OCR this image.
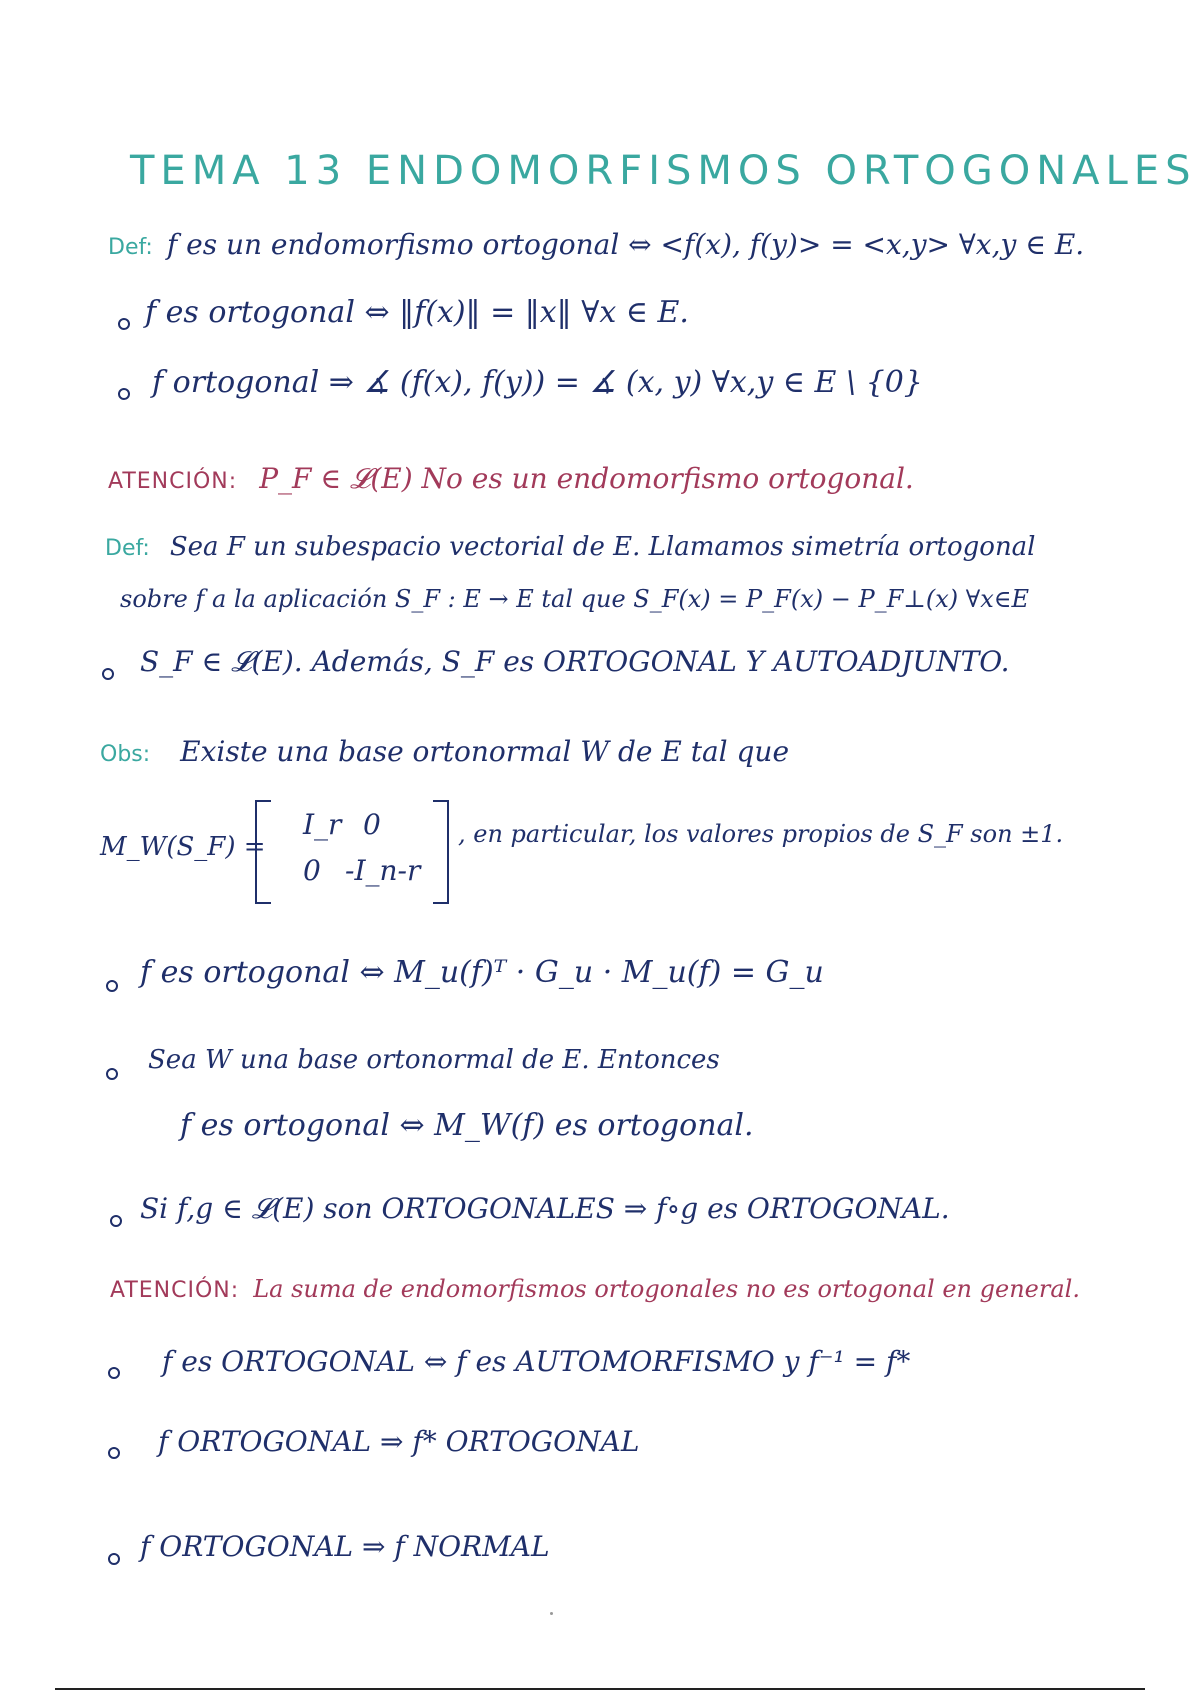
TEMA 13 ENDOMORFISMOS ORTOGONALES
Def: f es un endomorfismo ortogonal ⇔ <f(x), f(y)> = <x,y> ∀x,y ∈ E.
f es ortogonal ⇔ ‖f(x)‖ = ‖x‖ ∀x ∈ E.
f ortogonal ⇒ ∡ (f(x), f(y)) = ∡ (x, y) ∀x,y ∈ E \ {0}
ATENCIÓN: P_F ∈ 𝓛(E) No es un endomorfismo ortogonal.
Def: Sea F un subespacio vectorial de E. Llamamos simetría ortogonal
sobre f a la aplicación S_F : E → E tal que S_F(x) = P_F(x) − P_F⊥(x) ∀x∈E
S_F ∈ 𝓛(E). Además, S_F es ORTOGONAL Y AUTOADJUNTO.
Obs: Existe una base ortonormal W de E tal que
M_W(S_F) =
I_r 0
0 -I_n-r
, en particular, los valores propios de S_F son ±1.
f es ortogonal ⇔ M_u(f)ᵀ · G_u · M_u(f) = G_u
Sea W una base ortonormal de E. Entonces
f es ortogonal ⇔ M_W(f) es ortogonal.
Si f,g ∈ 𝓛(E) son ORTOGONALES ⇒ f∘g es ORTOGONAL.
ATENCIÓN: La suma de endomorfismos ortogonales no es ortogonal en general.
f es ORTOGONAL ⇔ f es AUTOMORFISMO y f⁻¹ = f*
f ORTOGONAL ⇒ f* ORTOGONAL
f ORTOGONAL ⇒ f NORMAL
